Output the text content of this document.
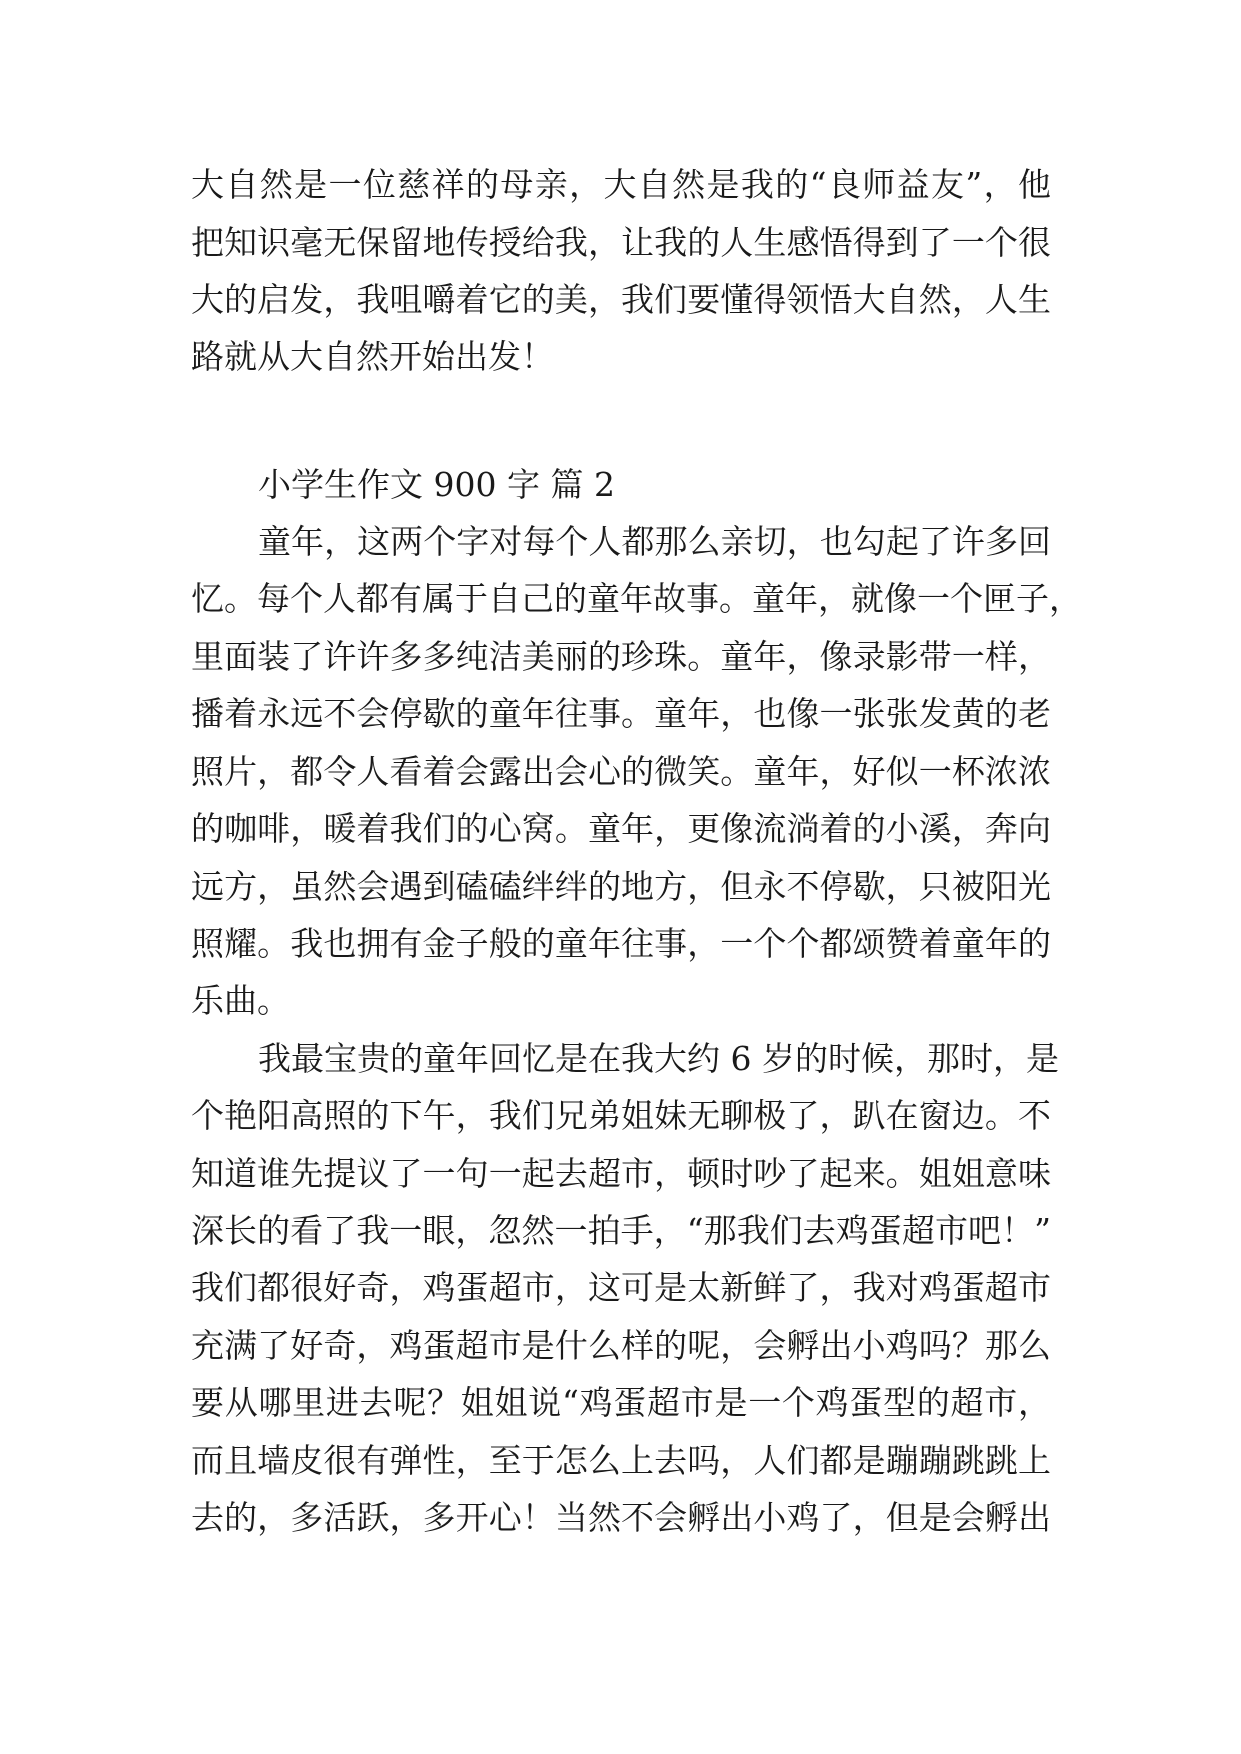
大自然是一位慈祥的母亲，大自然是我的“良师益友”，他

把知识毫无保留地传授给我，让我的人生感悟得到了一个很

大的启发，我咀嚼着它的美，我们要懂得领悟大自然，人生

路就从大自然开始出发！

小学生作文 900 字 篇 2

童年，这两个字对每个人都那么亲切，也勾起了许多回

忆。每个人都有属于自己的童年故事。童年，就像一个匣子，

里面装了许许多多纯洁美丽的珍珠。童年，像录影带一样，

播着永远不会停歇的童年往事。童年，也像一张张发黄的老

照片，都令人看着会露出会心的微笑。童年，好似一杯浓浓

的咖啡，暖着我们的心窝。童年，更像流淌着的小溪，奔向

远方，虽然会遇到磕磕绊绊的地方，但永不停歇，只被阳光

照耀。我也拥有金子般的童年往事，一个个都颂赞着童年的

乐曲。

我最宝贵的童年回忆是在我大约 6 岁的时候，那时，是

个艳阳高照的下午，我们兄弟姐妹无聊极了，趴在窗边。不

知道谁先提议了一句一起去超市，顿时吵了起来。姐姐意味

深长的看了我一眼，忽然一拍手，“那我们去鸡蛋超市吧！”

我们都很好奇，鸡蛋超市，这可是太新鲜了，我对鸡蛋超市

充满了好奇，鸡蛋超市是什么样的呢，会孵出小鸡吗？那么

要从哪里进去呢？姐姐说“鸡蛋超市是一个鸡蛋型的超市，

而且墙皮很有弹性，至于怎么上去吗，人们都是蹦蹦跳跳上

去的，多活跃，多开心！当然不会孵出小鸡了，但是会孵出
